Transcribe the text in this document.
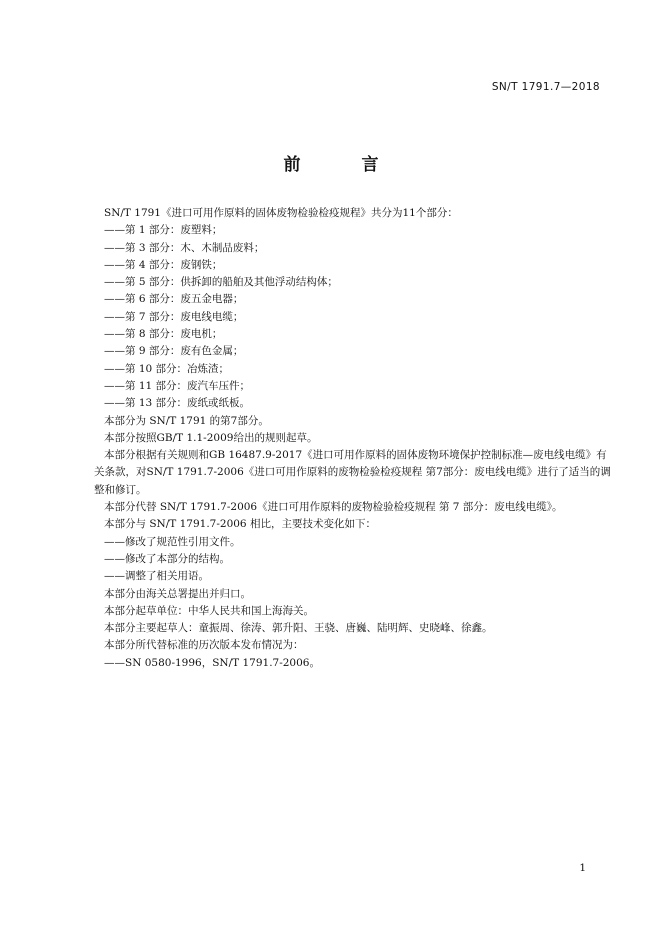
SN/T 1791.7—2018
前　言

SN/T 1791《进口可用作原料的固体废物检验检疫规程》共分为11个部分：

——第 1 部分：废塑料；

——第 3 部分：木、木制品废料；

——第 4 部分：废钢铁；

——第 5 部分：供拆卸的船舶及其他浮动结构体；

——第 6 部分：废五金电器；

——第 7 部分：废电线电缆；

——第 8 部分：废电机；

——第 9 部分：废有色金属；

——第 10 部分：冶炼渣；

——第 11 部分：废汽车压件；

——第 13 部分：废纸或纸板。

本部分为 SN/T 1791 的第7部分。

本部分按照GB/T 1.1-2009给出的规则起草。

本部分根据有关规则和GB 16487.9-2017《进口可用作原料的固体废物环境保护控制标准—废电线电缆》有关条款，对SN/T 1791.7-2006《进口可用作原料的废物检验检疫规程 第7部分：废电线电缆》进行了适当的调整和修订。

本部分代替 SN/T 1791.7-2006《进口可用作原料的废物检验检疫规程 第 7 部分：废电线电缆》。

本部分与 SN/T 1791.7-2006 相比，主要技术变化如下：

——修改了规范性引用文件。

——修改了本部分的结构。

——调整了相关用语。

本部分由海关总署提出并归口。

本部分起草单位：中华人民共和国上海海关。

本部分主要起草人：童振周、徐涛、郭升阳、王骁、唐巍、陆明辉、史晓峰、徐鑫。

本部分所代替标准的历次版本发布情况为：

——SN 0580-1996，SN/T 1791.7-2006。

1
